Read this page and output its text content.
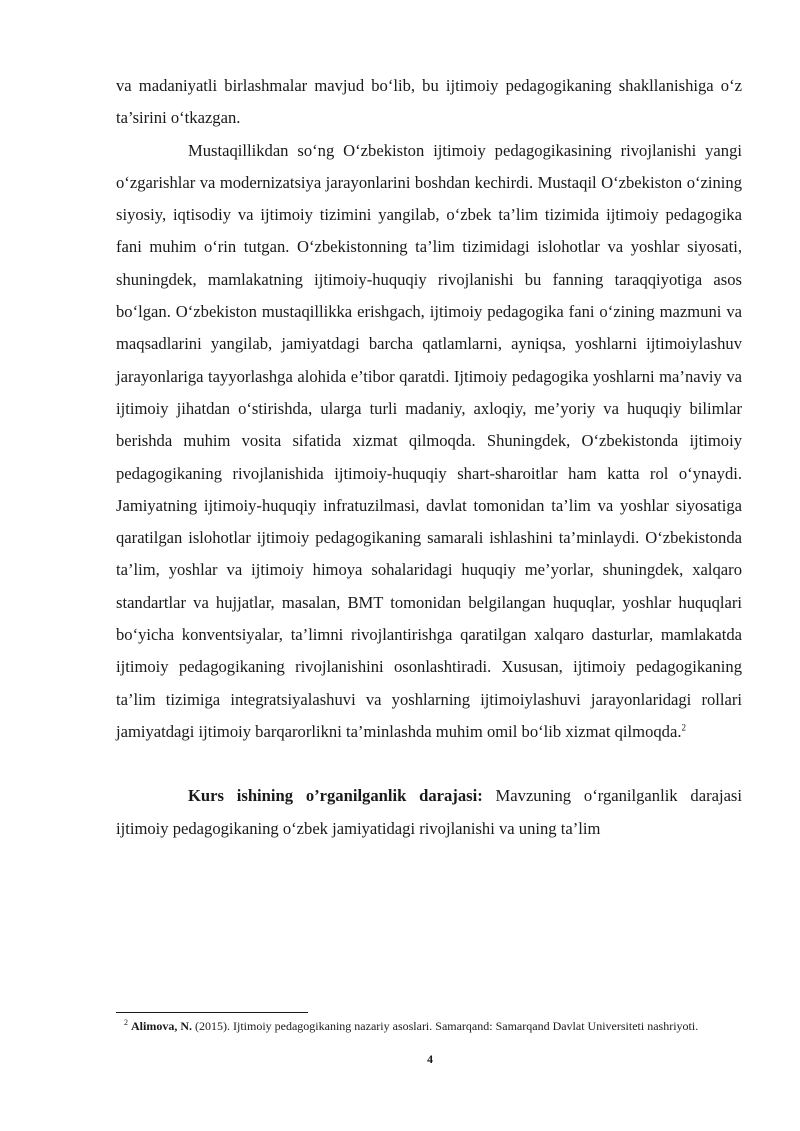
va madaniyatli birlashmalar mavjud bo‘lib, bu ijtimoiy pedagogikaning shakllanishiga o‘z ta’sirini o‘tkazgan.

Mustaqillikdan so‘ng O‘zbekiston ijtimoiy pedagogikasining rivojlanishi yangi o‘zgarishlar va modernizatsiya jarayonlarini boshdan kechirdi. Mustaqil O‘zbekiston o‘zining siyosiy, iqtisodiy va ijtimoiy tizimini yangilab, o‘zbek ta’lim tizimida ijtimoiy pedagogika fani muhim o‘rin tutgan. O‘zbekistonning ta’lim tizimidagi islohotlar va yoshlar siyosati, shuningdek, mamlakatning ijtimoiy-huquqiy rivojlanishi bu fanning taraqqiyotiga asos bo‘lgan. O‘zbekiston mustaqillikka erishgach, ijtimoiy pedagogika fani o‘zining mazmuni va maqsadlarini yangilab, jamiyatdagi barcha qatlamlarni, ayniqsa, yoshlarni ijtimoiylashuv jarayonlariga tayyorlashga alohida e’tibor qaratdi. Ijtimoiy pedagogika yoshlarni ma’naviy va ijtimoiy jihatdan o‘stirishda, ularga turli madaniy, axloqiy, me’yoriy va huquqiy bilimlar berishda muhim vosita sifatida xizmat qilmoqda. Shuningdek, O‘zbekistonda ijtimoiy pedagogikaning rivojlanishida ijtimoiy-huquqiy shart-sharoitlar ham katta rol o‘ynaydi. Jamiyatning ijtimoiy-huquqiy infratuzilmasi, davlat tomonidan ta’lim va yoshlar siyosatiga qaratilgan islohotlar ijtimoiy pedagogikaning samarali ishlashini ta’minlaydi. O‘zbekistonda ta’lim, yoshlar va ijtimoiy himoya sohalaridagi huquqiy me’yorlar, shuningdek, xalqaro standartlar va hujjatlar, masalan, BMT tomonidan belgilangan huquqlar, yoshlar huquqlari bo‘yicha konventsiyalar, ta’limni rivojlantirishga qaratilgan xalqaro dasturlar, mamlakatda ijtimoiy pedagogikaning rivojlanishini osonlashtiradi. Xususan, ijtimoiy pedagogikaning ta’lim tizimiga integratsiyalashuvi va yoshlarning ijtimoiylashuvi jarayonlaridagi rollari jamiyatdagi ijtimoiy barqarorlikni ta’minlashda muhim omil bo‘lib xizmat qilmoqda.$^2$

Kurs ishining o’rganilganlik darajasi: Mavzuning o‘rganilganlik darajasi ijtimoiy pedagogikaning o‘zbek jamiyatidagi rivojlanishi va uning ta’lim

$^2$ Alimova, N. (2015). Ijtimoiy pedagogikaning nazariy asoslari. Samarqand: Samarqand Davlat Universiteti nashriyoti.
4
